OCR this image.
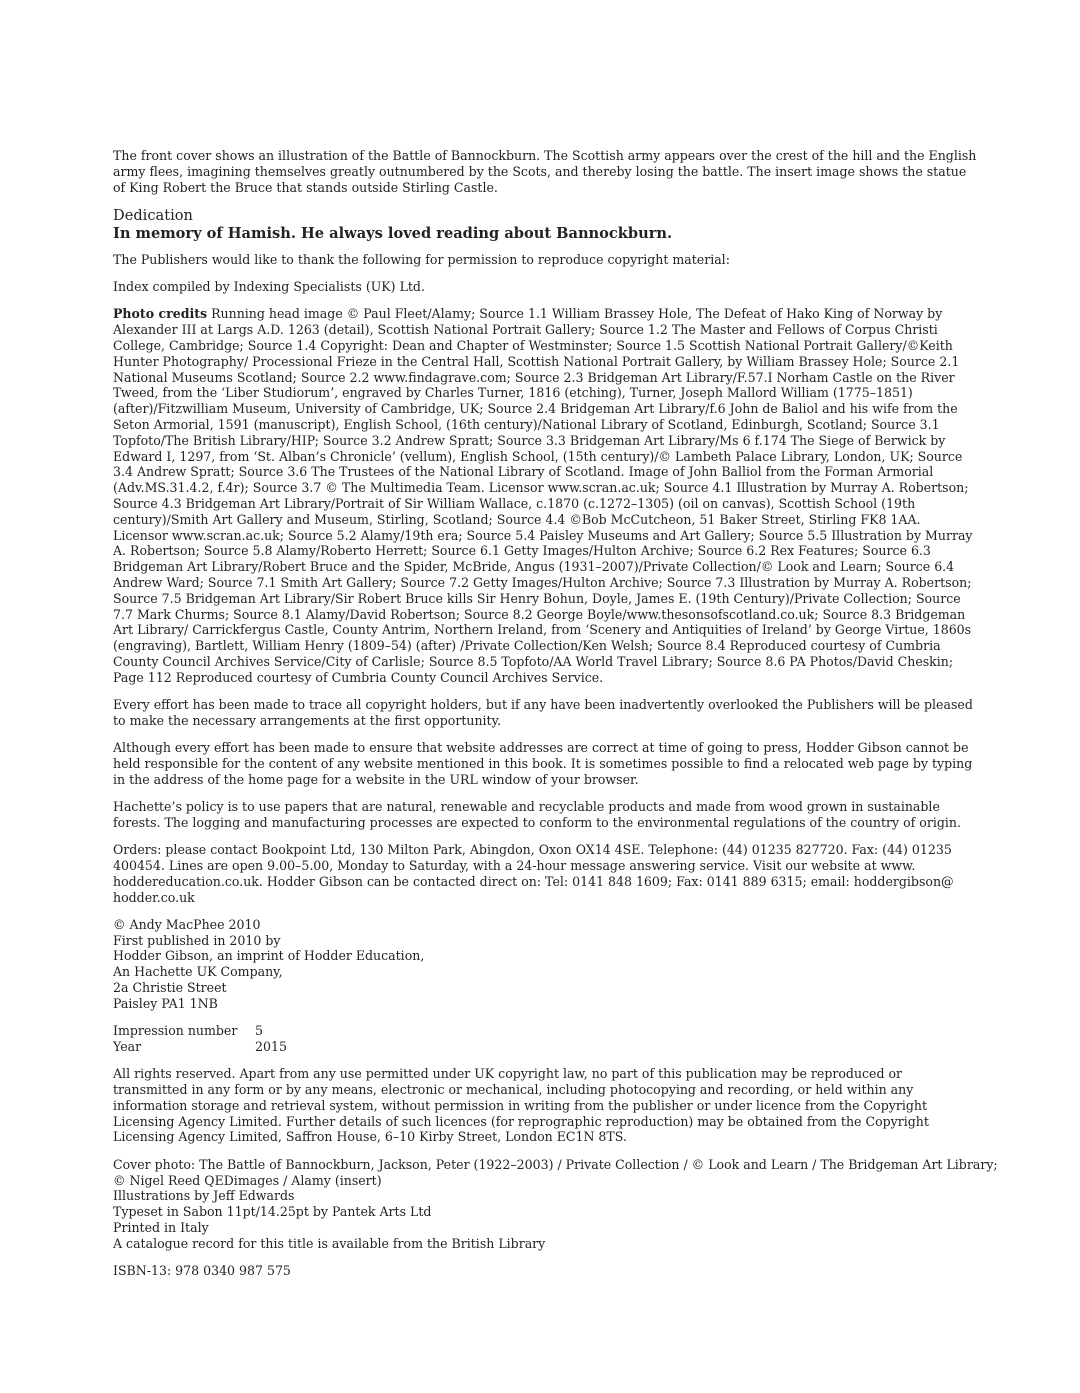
The front cover shows an illustration of the Battle of Bannockburn. The Scottish army appears over the crest of the hill and the English army flees, imagining themselves greatly outnumbered by the Scots, and thereby losing the battle. The insert image shows the statue of King Robert the Bruce that stands outside Stirling Castle.

Dedication

In memory of Hamish. He always loved reading about Bannockburn.

The Publishers would like to thank the following for permission to reproduce copyright material:

Index compiled by Indexing Specialists (UK) Ltd.

Photo credits Running head image © Paul Fleet/Alamy; Source 1.1 William Brassey Hole, The Defeat of Hako King of Norway by Alexander III at Largs A.D. 1263 (detail), Scottish National Portrait Gallery; Source 1.2 The Master and Fellows of Corpus Christi College, Cambridge; Source 1.4 Copyright: Dean and Chapter of Westminster; Source 1.5 Scottish National Portrait Gallery/©Keith Hunter Photography/ Processional Frieze in the Central Hall, Scottish National Portrait Gallery, by William Brassey Hole; Source 2.1 National Museums Scotland; Source 2.2 www.findagrave.com; Source 2.3 Bridgeman Art Library/F.57.I Norham Castle on the River Tweed, from the ‘Liber Studiorum’, engraved by Charles Turner, 1816 (etching), Turner, Joseph Mallord William (1775–1851) (after)/Fitzwilliam Museum, University of Cambridge, UK; Source 2.4 Bridgeman Art Library/f.6 John de Baliol and his wife from the Seton Armorial, 1591 (manuscript), English School, (16th century)/National Library of Scotland, Edinburgh, Scotland; Source 3.1 Topfoto/The British Library/HIP; Source 3.2 Andrew Spratt; Source 3.3 Bridgeman Art Library/Ms 6 f.174 The Siege of Berwick by Edward I, 1297, from ‘St. Alban’s Chronicle’ (vellum), English School, (15th century)/© Lambeth Palace Library, London, UK; Source 3.4 Andrew Spratt; Source 3.6 The Trustees of the National Library of Scotland. Image of John Balliol from the Forman Armorial (Adv.MS.31.4.2, f.4r); Source 3.7 © The Multimedia Team. Licensor www.scran.ac.uk; Source 4.1 Illustration by Murray A. Robertson; Source 4.3 Bridgeman Art Library/Portrait of Sir William Wallace, c.1870 (c.1272–1305) (oil on canvas), Scottish School (19th century)/Smith Art Gallery and Museum, Stirling, Scotland; Source 4.4 ©Bob McCutcheon, 51 Baker Street, Stirling FK8 1AA. Licensor www.scran.ac.uk; Source 5.2 Alamy/19th era; Source 5.4 Paisley Museums and Art Gallery; Source 5.5 Illustration by Murray A. Robertson; Source 5.8 Alamy/Roberto Herrett; Source 6.1 Getty Images/Hulton Archive; Source 6.2 Rex Features; Source 6.3 Bridgeman Art Library/Robert Bruce and the Spider, McBride, Angus (1931–2007)/Private Collection/© Look and Learn; Source 6.4 Andrew Ward; Source 7.1 Smith Art Gallery; Source 7.2 Getty Images/Hulton Archive; Source 7.3 Illustration by Murray A. Robertson; Source 7.5 Bridgeman Art Library/Sir Robert Bruce kills Sir Henry Bohun, Doyle, James E. (19th Century)/Private Collection; Source 7.7 Mark Churms; Source 8.1 Alamy/David Robertson; Source 8.2 George Boyle/www.thesonsofscotland.co.uk; Source 8.3 Bridgeman Art Library/ Carrickfergus Castle, County Antrim, Northern Ireland, from ‘Scenery and Antiquities of Ireland’ by George Virtue, 1860s (engraving), Bartlett, William Henry (1809–54) (after) /Private Collection/Ken Welsh; Source 8.4 Reproduced courtesy of Cumbria County Council Archives Service/City of Carlisle; Source 8.5 Topfoto/AA World Travel Library; Source 8.6 PA Photos/David Cheskin; Page 112 Reproduced courtesy of Cumbria County Council Archives Service.

Every effort has been made to trace all copyright holders, but if any have been inadvertently overlooked the Publishers will be pleased to make the necessary arrangements at the first opportunity.

Although every effort has been made to ensure that website addresses are correct at time of going to press, Hodder Gibson cannot be held responsible for the content of any website mentioned in this book. It is sometimes possible to find a relocated web page by typing in the address of the home page for a website in the URL window of your browser.

Hachette’s policy is to use papers that are natural, renewable and recyclable products and made from wood grown in sustainable forests. The logging and manufacturing processes are expected to conform to the environmental regulations of the country of origin.

Orders: please contact Bookpoint Ltd, 130 Milton Park, Abingdon, Oxon OX14 4SE. Telephone: (44) 01235 827720. Fax: (44) 01235 400454. Lines are open 9.00–5.00, Monday to Saturday, with a 24-hour message answering service. Visit our website at www. hoddereducation.co.uk. Hodder Gibson can be contacted direct on: Tel: 0141 848 1609; Fax: 0141 889 6315; email: hoddergibson@ hodder.co.uk

© Andy MacPhee 2010
First published in 2010 by
Hodder Gibson, an imprint of Hodder Education,
An Hachette UK Company,
2a Christie Street
Paisley PA1 1NB
Impression number	5
Year	2015

All rights reserved. Apart from any use permitted under UK copyright law, no part of this publication may be reproduced or transmitted in any form or by any means, electronic or mechanical, including photocopying and recording, or held within any information storage and retrieval system, without permission in writing from the publisher or under licence from the Copyright Licensing Agency Limited. Further details of such licences (for reprographic reproduction) may be obtained from the Copyright Licensing Agency Limited, Saffron House, 6–10 Kirby Street, London EC1N 8TS.

Cover photo: The Battle of Bannockburn, Jackson, Peter (1922–2003) / Private Collection / © Look and Learn / The Bridgeman Art Library;
© Nigel Reed QEDimages / Alamy (insert)
Illustrations by Jeff Edwards
Typeset in Sabon 11pt/14.25pt by Pantek Arts Ltd
Printed in Italy
A catalogue record for this title is available from the British Library

ISBN-13: 978 0340 987 575
